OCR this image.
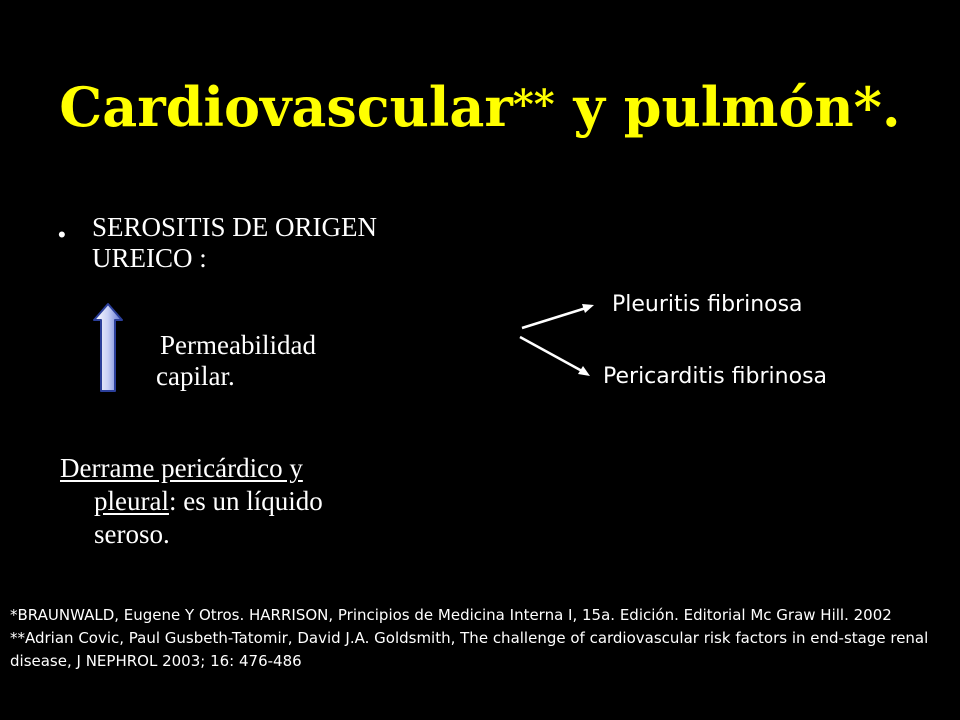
Cardiovascular** y pulmón*.
• SEROSITIS DE ORIGEN
UREICO :
Permeabilidad
capilar.
Derrame pericárdico y
pleural: es un líquido
seroso.
Pleuritis fibrinosa
Pericarditis fibrinosa

*BRAUNWALD, Eugene Y Otros. HARRISON, Principios de Medicina Interna I, 15a. Edición. Editorial Mc Graw Hill. 2002

**Adrian Covic, Paul Gusbeth-Tatomir, David J.A. Goldsmith, The challenge of cardiovascular risk factors in end-stage renal disease, J NEPHROL 2003; 16: 476-486
